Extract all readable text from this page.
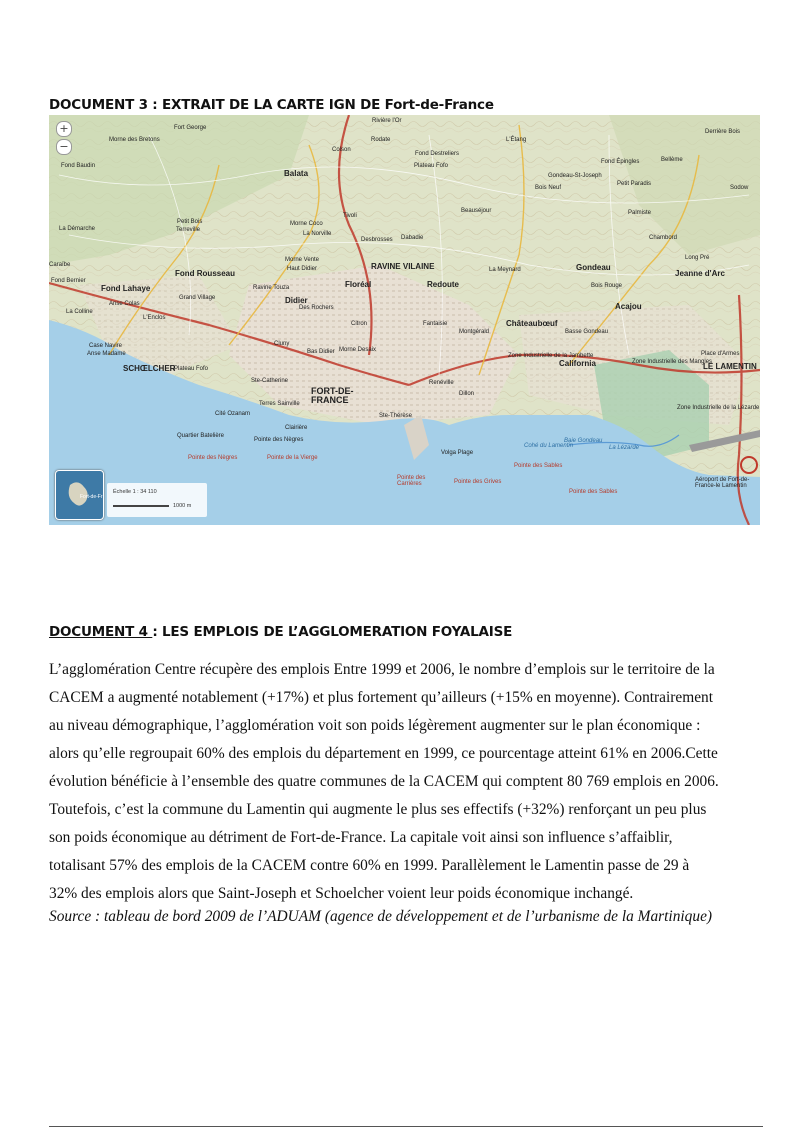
DOCUMENT 3 : EXTRAIT DE LA CARTE IGN DE Fort-de-France
+
−
Rivière l'Or
Morne des Bretons
Fort George
Fond Baudin
Rodate
Colson
Fond Destreliers
L'Étang
Fond Épingles	Bellème
Derrière Bois
Balata
Plateau Fofo
Gondeau-St-Joseph
Bois Neuf
Petit Paradis
Sodow
Petit Bois
La Démarche	Terreville
Tivoli
Morne Coco
Beauséjour	Palmiste
Chambord
Caraïbe
La Norville
Desbrosses Dabadie
Morne Vente
Haut Didier	RAVINE VILAINE	La Meynard	Gondeau
Long Pré
Fond Rousseau
Fond Bernier
Fond Lahaye
Grand Village
Ravine Touza
Didier
Floréal	Redoute	Bois Rouge
Jeanne d'Arc
Anse Colas
Des Rochers	Acajou
La Colline
L'Enclos
Châteaubœuf
Citron	Fantaisie
Montgérald	Basse Gondeau
Case Navire
Anse Madame
Cluny
Bas Didier Morne Desaix
Zone Industrielle de la Jambette
California	Zone Industrielle des Mangles
SCHŒLCHER
Plateau Fofo
Ste-Catherine	Renéville
Dillon
LE LAMENTIN
Place d'Armes
FORT-DE-FRANCE
Terres Sainville
Clairière
Ste-Thérèse
Cité Ozanam
Zone Industrielle de la Lézarde
Quartier Batelière
Pointe des Nègres
Cohé du Lamentin
Baie Gondeau
Volga Plage
Pointe des Sables
Pointe des Grives
Pointe des Carrières
Pointe de la Vierge
Pointe des Nègres
Pointe des Sables
Aéroport de Fort-de-France-le Lamentin
La Lézarde
Fort-de-Fr
Échelle 1 : 34 110
1000 m
DOCUMENT 4 : LES EMPLOIS DE L’AGGLOMERATION FOYALAISE
L’agglomération Centre récupère des emplois Entre 1999 et 2006, le nombre d’emplois sur le territoire de la
CACEM a augmenté notablement (+17%) et plus fortement qu’ailleurs (+15% en moyenne). Contrairement
au niveau démographique, l’agglomération voit son poids légèrement augmenter sur le plan économique :
alors qu’elle regroupait 60% des emplois du département en 1999, ce pourcentage atteint 61% en 2006.Cette
évolution bénéficie à l’ensemble des quatre communes de la CACEM qui comptent 80 769 emplois en 2006.
Toutefois, c’est la commune du Lamentin qui augmente le plus ses effectifs (+32%) renforçant un peu plus
son poids économique au détriment de Fort-de-France. La capitale voit ainsi son influence s’affaiblir,
totalisant 57% des emplois de la CACEM contre 60% en 1999. Parallèlement le Lamentin passe de 29 à
32% des emplois alors que Saint-Joseph et Schoelcher voient leur poids économique inchangé.
Source : tableau de bord 2009 de l’ADUAM (agence de développement et de l’urbanisme de la Martinique)
